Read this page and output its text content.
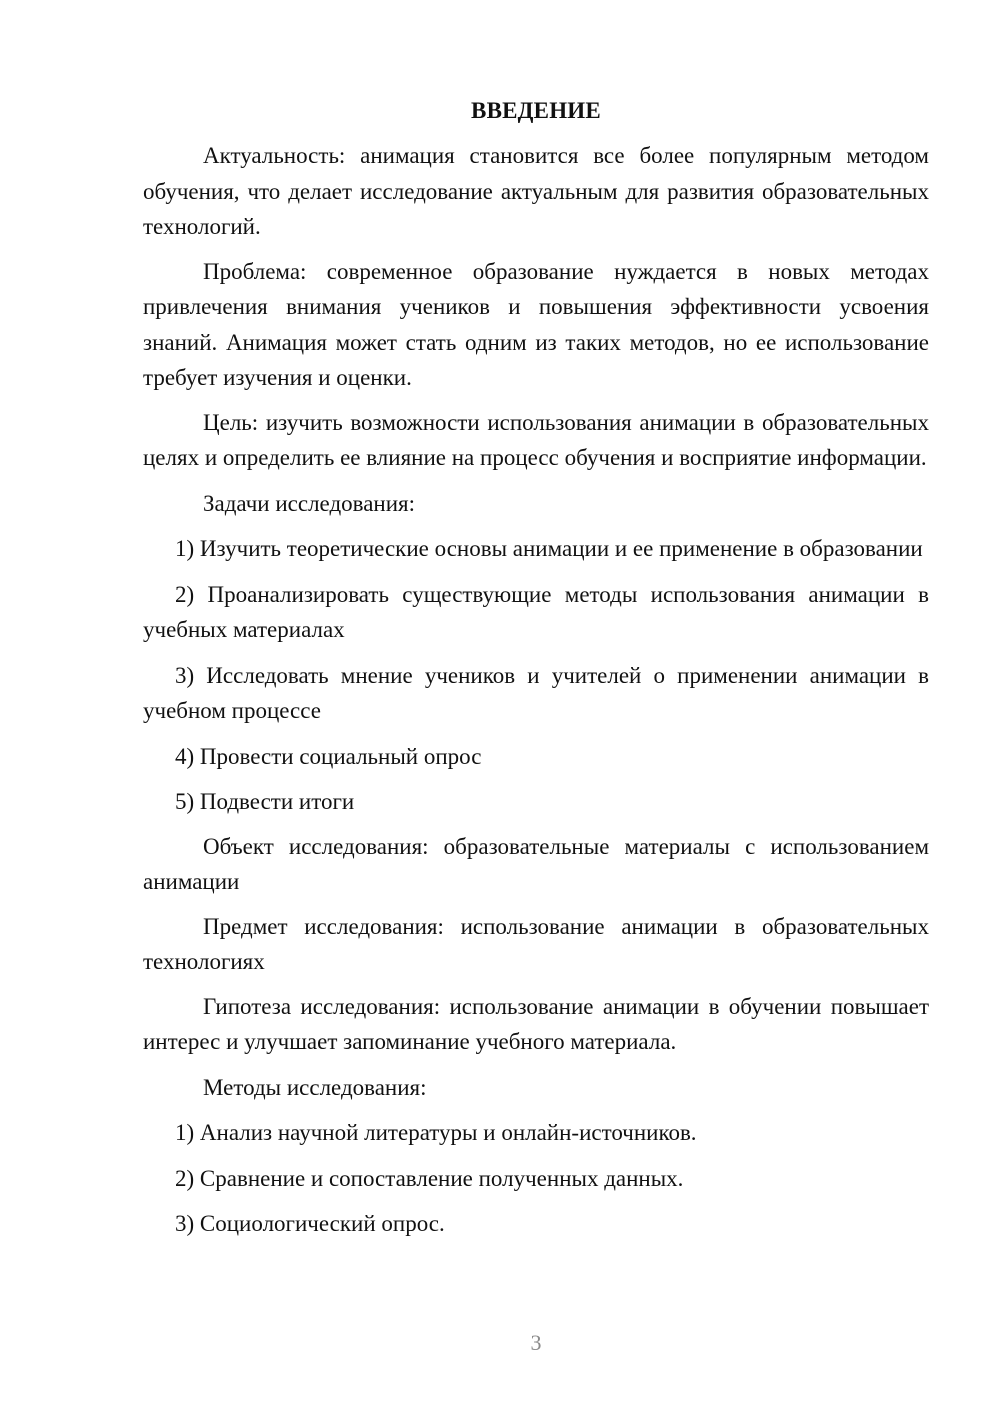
ВВЕДЕНИЕ

Актуальность: анимация становится все более популярным методом обучения, что делает исследование актуальным для развития образовательных технологий.

Проблема: современное образование нуждается в новых методах привлечения внимания учеников и повышения эффективности усвоения знаний. Анимация может стать одним из таких методов, но ее использование требует изучения и оценки.

Цель: изучить возможности использования анимации в образовательных целях и определить ее влияние на процесс обучения и восприятие информации.

Задачи исследования:

1) Изучить теоретические основы анимации и ее применение в образовании

2) Проанализировать существующие методы использования анимации в учебных материалах

3) Исследовать мнение учеников и учителей о применении анимации в учебном процессе

4) Провести социальный опрос

5) Подвести итоги

Объект исследования: образовательные материалы с использованием анимации

Предмет исследования: использование анимации в образовательных технологиях

Гипотеза исследования: использование анимации в обучении повышает интерес и улучшает запоминание учебного материала.

Методы исследования:

1) Анализ научной литературы и онлайн-источников.

2) Сравнение и сопоставление полученных данных.

3) Социологический опрос.

3
